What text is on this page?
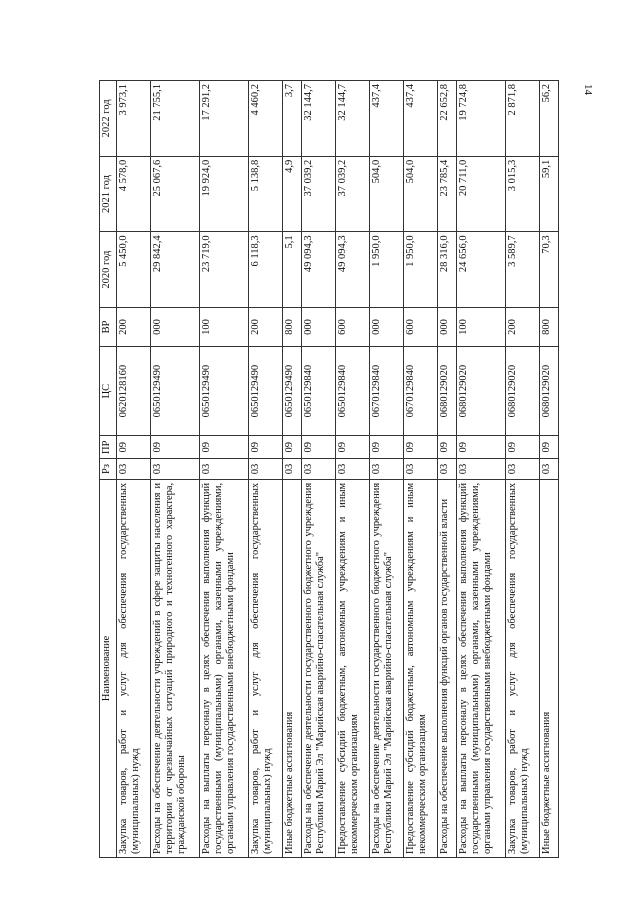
14
Наименование	Рз	ПР	ЦС	ВР	2020 год	2021 год	2022 год
Закупка товаров, работ и услуг для обеспечения государственных (муниципальных) нужд	03	09	0620128160	200	5 450,0	4 578,0	3 973,1
Расходы на обеспечение деятельности учреждений в сфере защиты населения и территории от чрезвычайных ситуаций природного и техногенного характера, гражданской обороны	03	09	0650129490	000	29 842,4	25 067,6	21 755,1
Расходы на выплаты персоналу в целях обеспечения выполнения функций государственными (муниципальными) органами, казенными учреждениями, органами управления государственными внебюджетными фондами	03	09	0650129490	100	23 719,0	19 924,0	17 291,2
Закупка товаров, работ и услуг для обеспечения государственных (муниципальных) нужд	03	09	0650129490	200	6 118,3	5 138,8	4 460,2
Иные бюджетные ассигнования	03	09	0650129490	800	5,1	4,9	3,7
Расходы на обеспечение деятельности государственного бюджетного учреждения Республики Марий Эл "Марийская аварийно-спасательная служба"	03	09	0650129840	000	49 094,3	37 039,2	32 144,7
Предоставление субсидий бюджетным, автономным учреждениям и иным некоммерческим организациям	03	09	0650129840	600	49 094,3	37 039,2	32 144,7
Расходы на обеспечение деятельности государственного бюджетного учреждения Республики Марий Эл "Марийская аварийно-спасательная служба"	03	09	0670129840	000	1 950,0	504,0	437,4
Предоставление субсидий бюджетным, автономным учреждениям и иным некоммерческим организациям	03	09	0670129840	600	1 950,0	504,0	437,4
Расходы на обеспечение выполнения функций органов государственной власти	03	09	0680129020	000	28 316,0	23 785,4	22 652,8
Расходы на выплаты персоналу в целях обеспечения выполнения функций государственными (муниципальными) органами, казенными учреждениями, органами управления государственными внебюджетными фондами	03	09	0680129020	100	24 656,0	20 711,0	19 724,8
Закупка товаров, работ и услуг для обеспечения государственных (муниципальных) нужд	03	09	0680129020	200	3 589,7	3 015,3	2 871,8
Иные бюджетные ассигнования	03	09	0680129020	800	70,3	59,1	56,2
